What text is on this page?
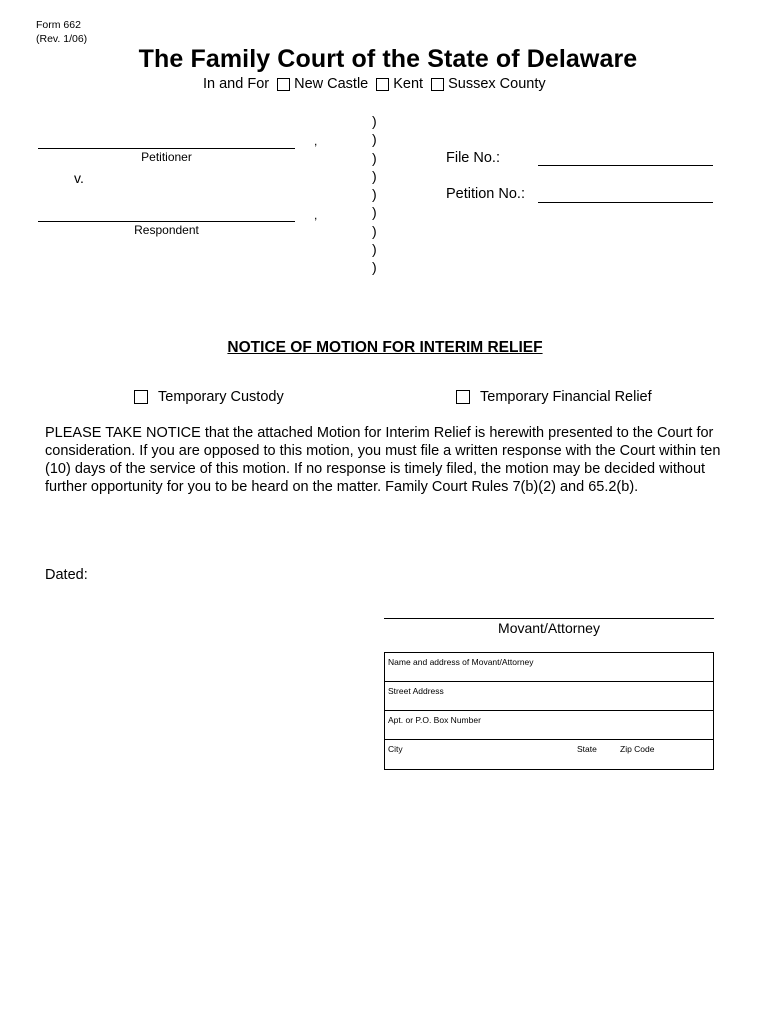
Form 662
(Rev. 1/06)
The Family Court of the State of Delaware
In and For New Castle Kent Sussex County
,
Petitioner
v.
,
Respondent
)
)
)
)
)
)
)
)
)
File No.:
Petition No.:
NOTICE OF MOTION FOR INTERIM RELIEF
Temporary Custody	Temporary Financial Relief
PLEASE TAKE NOTICE that the attached Motion for Interim Relief is herewith presented to the Court for consideration. If you are opposed to this motion, you must file a written response with the Court within ten (10) days of the service of this motion. If no response is timely filed, the motion may be decided without further opportunity for you to be heard on the matter. Family Court Rules 7(b)(2) and 65.2(b).
Dated:
Movant/Attorney
Name and address of Movant/Attorney
Street Address
Apt. or P.O. Box Number
City	State	Zip Code
